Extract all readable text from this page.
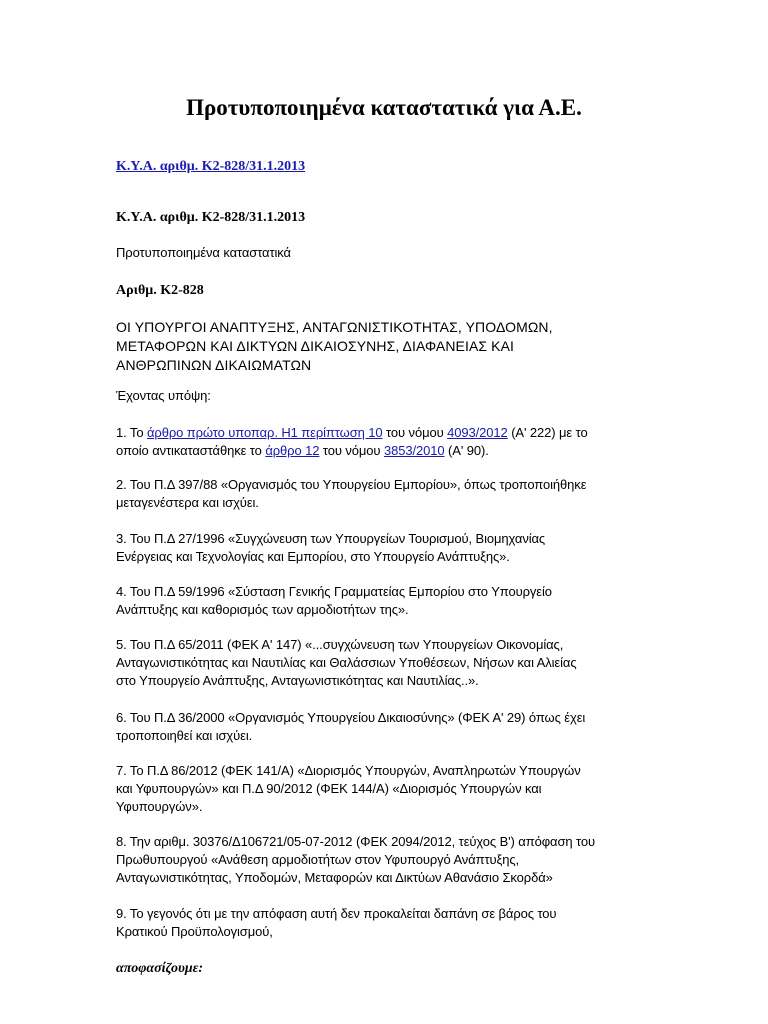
Προτυποποιημένα καταστατικά για Α.Ε.

Κ.Υ.Α. αριθμ. Κ2-828/31.1.2013

Κ.Υ.Α. αριθμ. Κ2-828/31.1.2013

Προτυποποιημένα καταστατικά

Αριθμ. Κ2-828

ΟΙ ΥΠΟΥΡΓΟΙ ΑΝΑΠΤΥΞΗΣ, ΑΝΤΑΓΩΝΙΣΤΙΚΟΤΗΤΑΣ, ΥΠΟΔΟΜΩΝ,
ΜΕΤΑΦΟΡΩΝ ΚΑΙ ΔΙΚΤΥΩΝ ΔΙΚΑΙΟΣΥΝΗΣ, ΔΙΑΦΑΝΕΙΑΣ ΚΑΙ
ΑΝΘΡΩΠΙΝΩΝ ΔΙΚΑΙΩΜΑΤΩΝ

Έχοντας υπόψη:

1. Το άρθρο πρώτο υποπαρ. Η1 περίπτωση 10 του νόμου 4093/2012 (Α' 222) με το
οποίο αντικαταστάθηκε το άρθρο 12 του νόμου 3853/2010 (Α' 90).
2. Του Π.Δ 397/88 «Οργανισμός του Υπουργείου Εμπορίου», όπως τροποποιήθηκε
μεταγενέστερα και ισχύει.
3. Του Π.Δ 27/1996 «Συγχώνευση των Υπουργείων Τουρισμού, Βιομηχανίας
Ενέργειας και Τεχνολογίας και Εμπορίου, στο Υπουργείο Ανάπτυξης».
4. Του Π.Δ 59/1996 «Σύσταση Γενικής Γραμματείας Εμπορίου στο Υπουργείο
Ανάπτυξης και καθορισμός των αρμοδιοτήτων της».
5. Του Π.Δ 65/2011 (ΦΕΚ Α' 147) «...συγχώνευση των Υπουργείων Οικονομίας,
Ανταγωνιστικότητας και Ναυτιλίας και Θαλάσσιων Υποθέσεων, Νήσων και Αλιείας
στο Υπουργείο Ανάπτυξης, Ανταγωνιστικότητας και Ναυτιλίας..».
6. Του Π.Δ 36/2000 «Οργανισμός Υπουργείου Δικαιοσύνης» (ΦΕΚ Α' 29) όπως έχει
τροποποιηθεί και ισχύει.
7. Το Π.Δ 86/2012 (ΦΕΚ 141/Α) «Διορισμός Υπουργών, Αναπληρωτών Υπουργών
και Υφυπουργών» και Π.Δ 90/2012 (ΦΕΚ 144/Α) «Διορισμός Υπουργών και
Υφυπουργών».
8. Την αριθμ. 30376/Δ106721/05-07-2012 (ΦΕΚ 2094/2012, τεύχος Β') απόφαση του
Πρωθυπουργού «Ανάθεση αρμοδιοτήτων στον Υφυπουργό Ανάπτυξης,
Ανταγωνιστικότητας, Υποδομών, Μεταφορών και Δικτύων Αθανάσιο Σκορδά»
9. Το γεγονός ότι με την απόφαση αυτή δεν προκαλείται δαπάνη σε βάρος του
Κρατικού Προϋπολογισμού,

αποφασίζουμε:
